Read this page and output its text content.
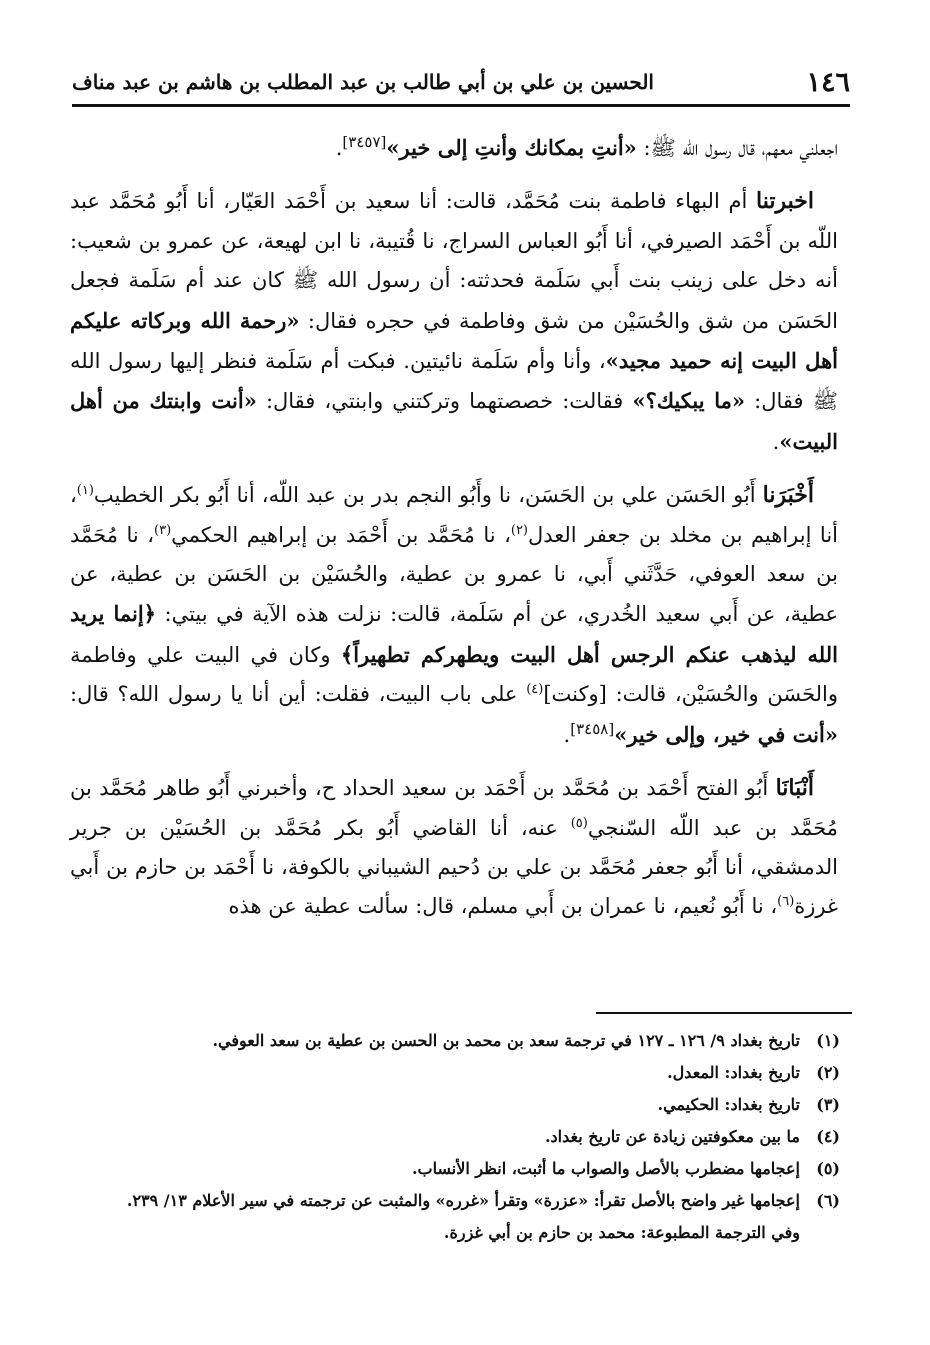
١٤٦
الحسين بن علي بن أبي طالب بن عبد المطلب بن هاشم بن عبد مناف

اجعلني معهم، قال رسول الله ﷺ: «أنتِ بمكانك وأنتِ إلى خير»[٣٤٥٧].

اخبرتنا أم البهاء فاطمة بنت مُحَمَّد، قالت: أنا سعيد بن أَحْمَد العَيّار، أنا أَبُو مُحَمَّد عبد اللّه بن أَحْمَد الصيرفي، أنا أَبُو العباس السراج، نا قُتيبة، نا ابن لهيعة، عن عمرو بن شعيب: أنه دخل على زينب بنت أَبي سَلَمة فحدثته: أن رسول الله ﷺ كان عند أم سَلَمة فجعل الحَسَن من شق والحُسَيْن من شق وفاطمة في حجره فقال: «رحمة الله وبركاته عليكم أهل البيت إنه حميد مجيد»، وأنا وأم سَلَمة نائيتين. فبكت أم سَلَمة فنظر إليها رسول الله ﷺ فقال: «ما يبكيك؟» فقالت: خصصتهما وتركتني وابنتي، فقال: «أنت وابنتك من أهل البيت».

أَخْبَرَنا أَبُو الحَسَن علي بن الحَسَن، نا وأَبُو النجم بدر بن عبد اللّه، أنا أَبُو بكر الخطيب$^{(١)}$، أنا إبراهيم بن مخلد بن جعفر العدل$^{(٢)}$، نا مُحَمَّد بن أَحْمَد بن إبراهيم الحكمي$^{(٣)}$، نا مُحَمَّد بن سعد العوفي، حَدَّثَني أَبي، نا عمرو بن عطية، والحُسَيْن بن الحَسَن بن عطية، عن عطية، عن أَبي سعيد الخُدري، عن أم سَلَمة، قالت: نزلت هذه الآية في بيتي: ﴿إنما يريد الله ليذهب عنكم الرجس أهل البيت ويطهركم تطهيراً﴾ وكان في البيت علي وفاطمة والحَسَن والحُسَيْن، قالت: [وكنت]$^{(٤)}$ على باب البيت، فقلت: أين أنا يا رسول الله؟ قال: «أنت في خير، وإلى خير»[٣٤٥٨].

أَنْبَانَا أَبُو الفتح أَحْمَد بن مُحَمَّد بن أَحْمَد بن سعيد الحداد ح، وأخبرني أَبُو طاهر مُحَمَّد بن مُحَمَّد بن عبد اللّه السّنجي$^{(٥)}$ عنه، أنا القاضي أَبُو بكر مُحَمَّد بن الحُسَيْن بن جرير الدمشقي، أنا أَبُو جعفر مُحَمَّد بن علي بن دُحيم الشيباني بالكوفة، نا أَحْمَد بن حازم بن أَبي غرزة$^{(٦)}$، نا أَبُو نُعيم، نا عمران بن أَبي مسلم، قال: سألت عطية عن هذه

(١)
تاريخ بغداد ٩/ ١٢٦ ـ ١٢٧ في ترجمة سعد بن محمد بن الحسن بن عطية بن سعد العوفي.
(٢)
تاريخ بغداد: المعدل.
(٣)
تاريخ بغداد: الحكيمي.
(٤)
ما بين معكوفتين زيادة عن تاريخ بغداد.
(٥)
إعجامها مضطرب بالأصل والصواب ما أثبت، انظر الأنساب.
(٦)
إعجامها غير واضح بالأصل تقرأ: «عزرة» وتقرأ «غرره» والمثبت عن ترجمته في سير الأعلام ١٣/ ٢٣٩.
وفي الترجمة المطبوعة: محمد بن حازم بن أبي غزرة.
